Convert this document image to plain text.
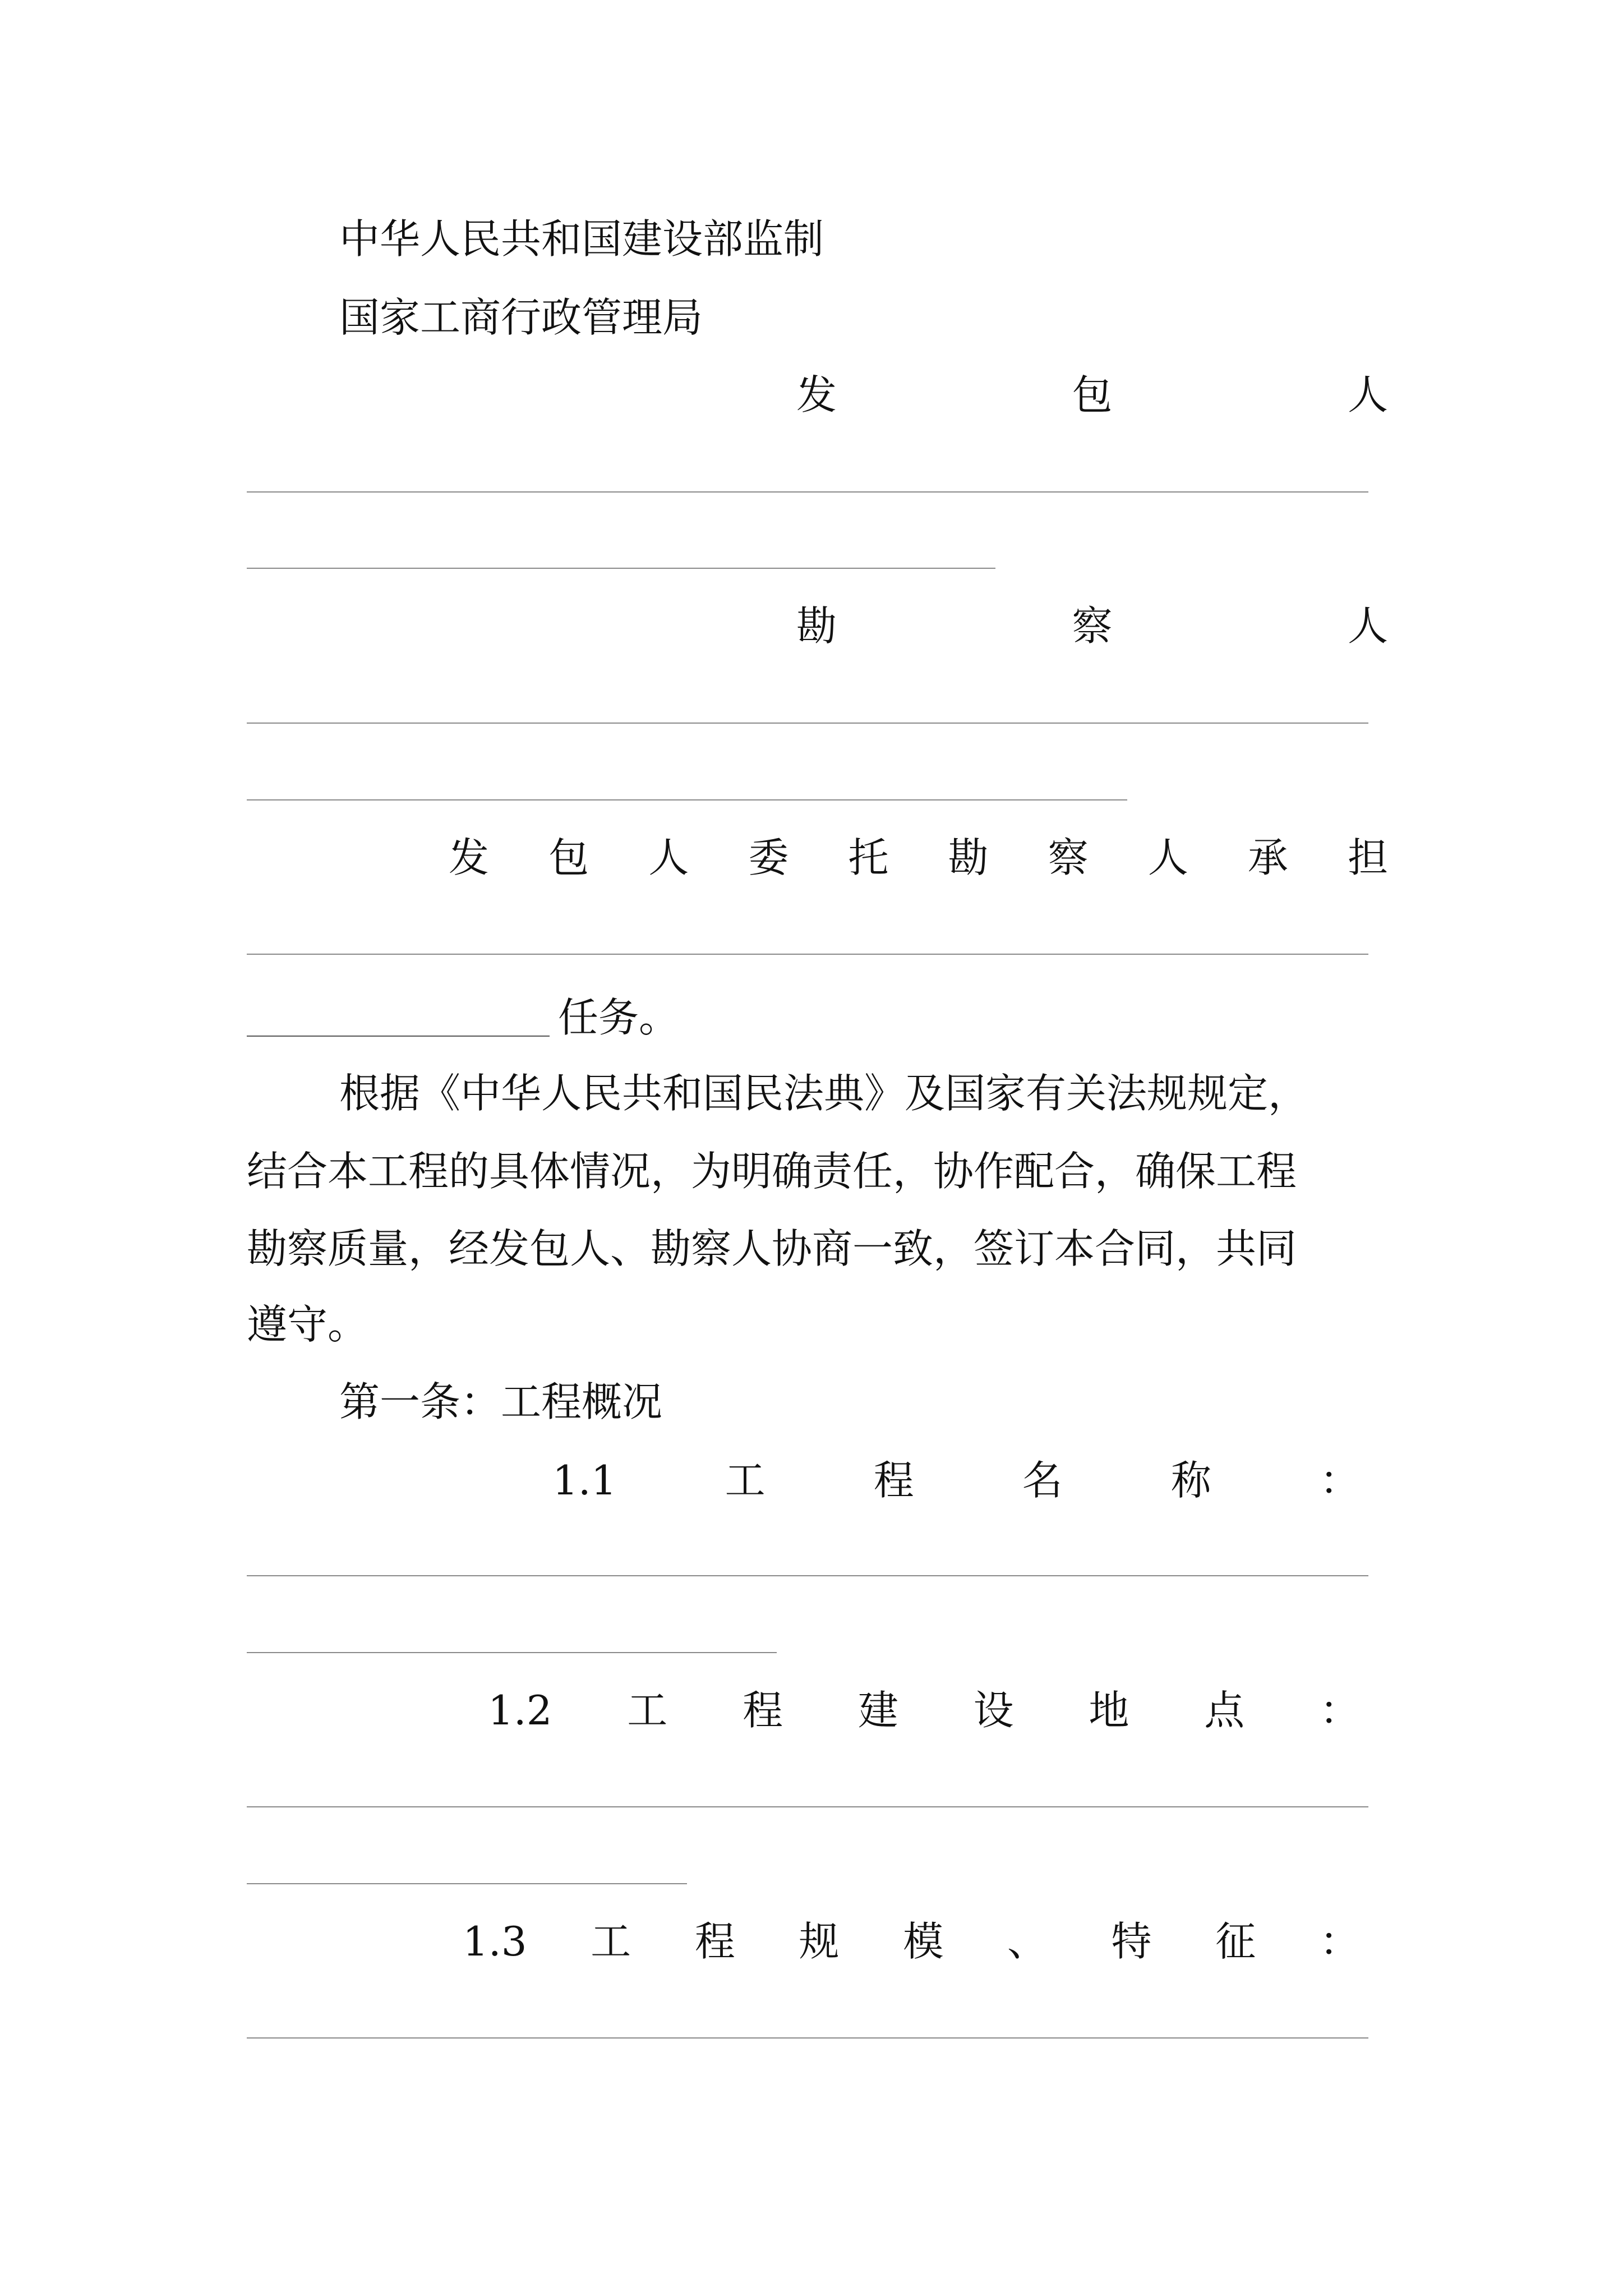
中华人民共和国建设部监制
国家工商行政管理局
发	包	人
勘	察	人
发 包 人 委 托 勘 察 人 承 担
任务。
根据《中华人民共和国民法典》及国家有关法规规定，
结合本工程的具体情况，为明确责任，协作配合，确保工程
勘察质量，经发包人、勘察人协商一致，签订本合同，共同
遵守。
第一条：工程概况
1.1	工	程	名	称	：
1.2 工 程 建 设 地 点 ：
1.3 工 程 规 模 、 特 征 ：
